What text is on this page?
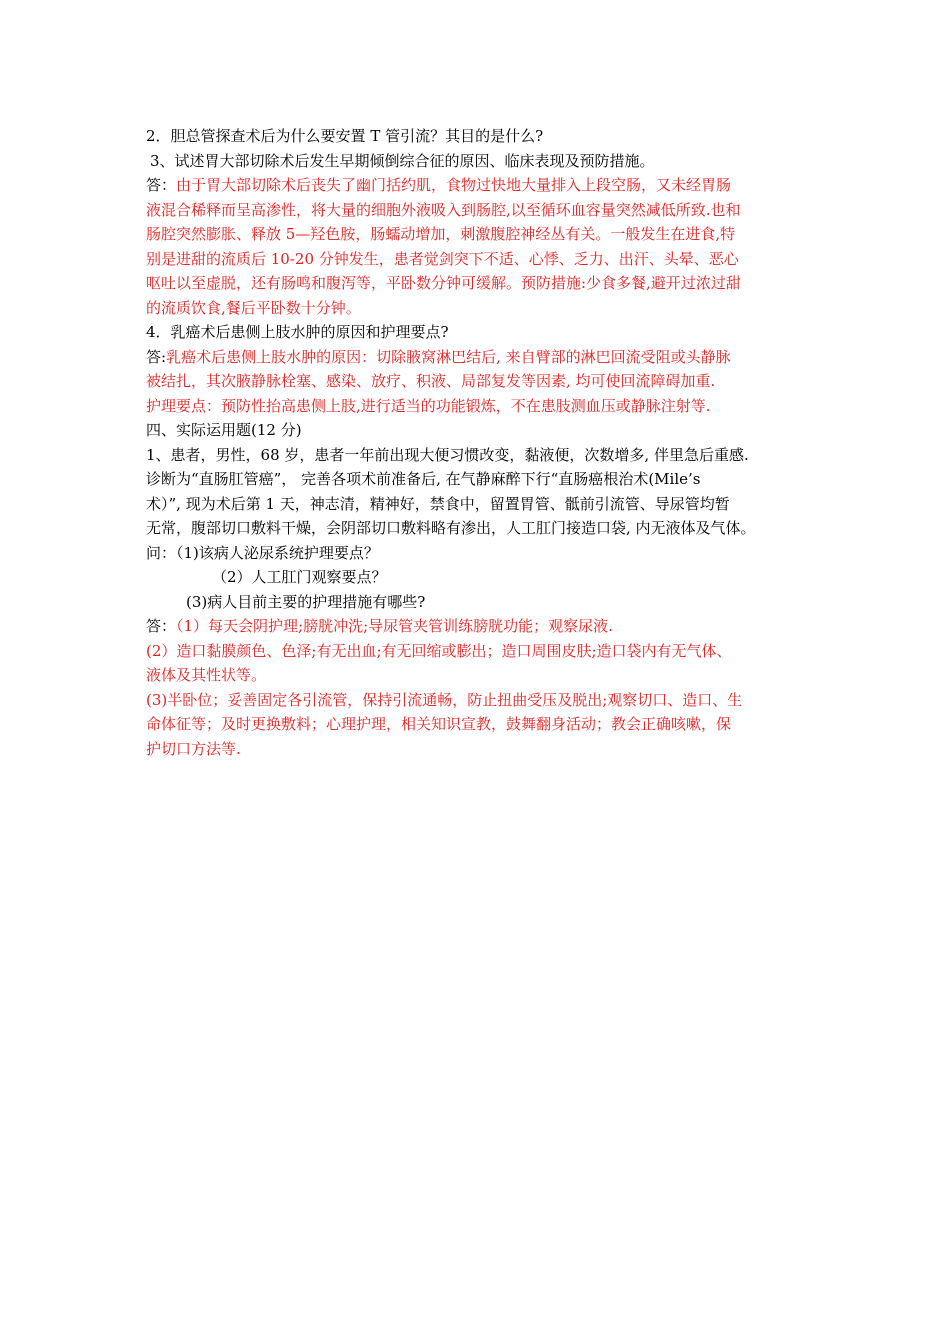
2．胆总管探查术后为什么要安置 T 管引流？其目的是什么?
3、试述胃大部切除术后发生早期倾倒综合征的原因、临床表现及预防措施。
答：由于胃大部切除术后丧失了幽门括约肌，食物过快地大量排入上段空肠，又未经胃肠
液混合稀释而呈高渗性，将大量的细胞外液吸入到肠腔,以至循环血容量突然减低所致.也和
肠腔突然膨胀、释放 5—羟色胺，肠蠕动增加，刺激腹腔神经丛有关。一般发生在进食,特
别是进甜的流质后 10-20 分钟发生，患者觉剑突下不适、心悸、乏力、出汗、头晕、恶心
呕吐以至虚脱，还有肠鸣和腹泻等，平卧数分钟可缓解。预防措施:少食多餐,避开过浓过甜
的流质饮食,餐后平卧数十分钟。
4．乳癌术后患侧上肢水肿的原因和护理要点?
答:乳癌术后患侧上肢水肿的原因：切除腋窝淋巴结后, 来自臂部的淋巴回流受阻或头静脉
被结扎，其次腋静脉栓塞、感染、放疗、积液、局部复发等因素, 均可使回流障碍加重.
护理要点：预防性抬高患侧上肢,进行适当的功能锻炼，不在患肢测血压或静脉注射等.
四、实际运用题(12 分)
1、患者，男性，68 岁，患者一年前出现大便习惯改变，黏液便，次数增多, 伴里急后重感.
诊断为“直肠肛管癌”， 完善各项术前准备后, 在气静麻醉下行“直肠癌根治术(Mile’s
术）”, 现为术后第 1 天，神志清，精神好，禁食中，留置胃管、骶前引流管、导尿管均暂
无常，腹部切口敷料干燥，会阴部切口敷料略有渗出，人工肛门接造口袋, 内无液体及气体。
问：（1)该病人泌尿系统护理要点？
（2）人工肛门观察要点？
(3)病人目前主要的护理措施有哪些?
答：（1）每天会阴护理;膀胱冲洗;导尿管夹管训练膀胱功能；观察尿液.
(2）造口黏膜颜色、色泽;有无出血;有无回缩或膨出；造口周围皮肤;造口袋内有无气体、
液体及其性状等。
(3)半卧位；妥善固定各引流管，保持引流通畅，防止扭曲受压及脱出;观察切口、造口、生
命体征等；及时更换敷料；心理护理，相关知识宣教，鼓舞翻身活动；教会正确咳嗽，保
护切口方法等.
